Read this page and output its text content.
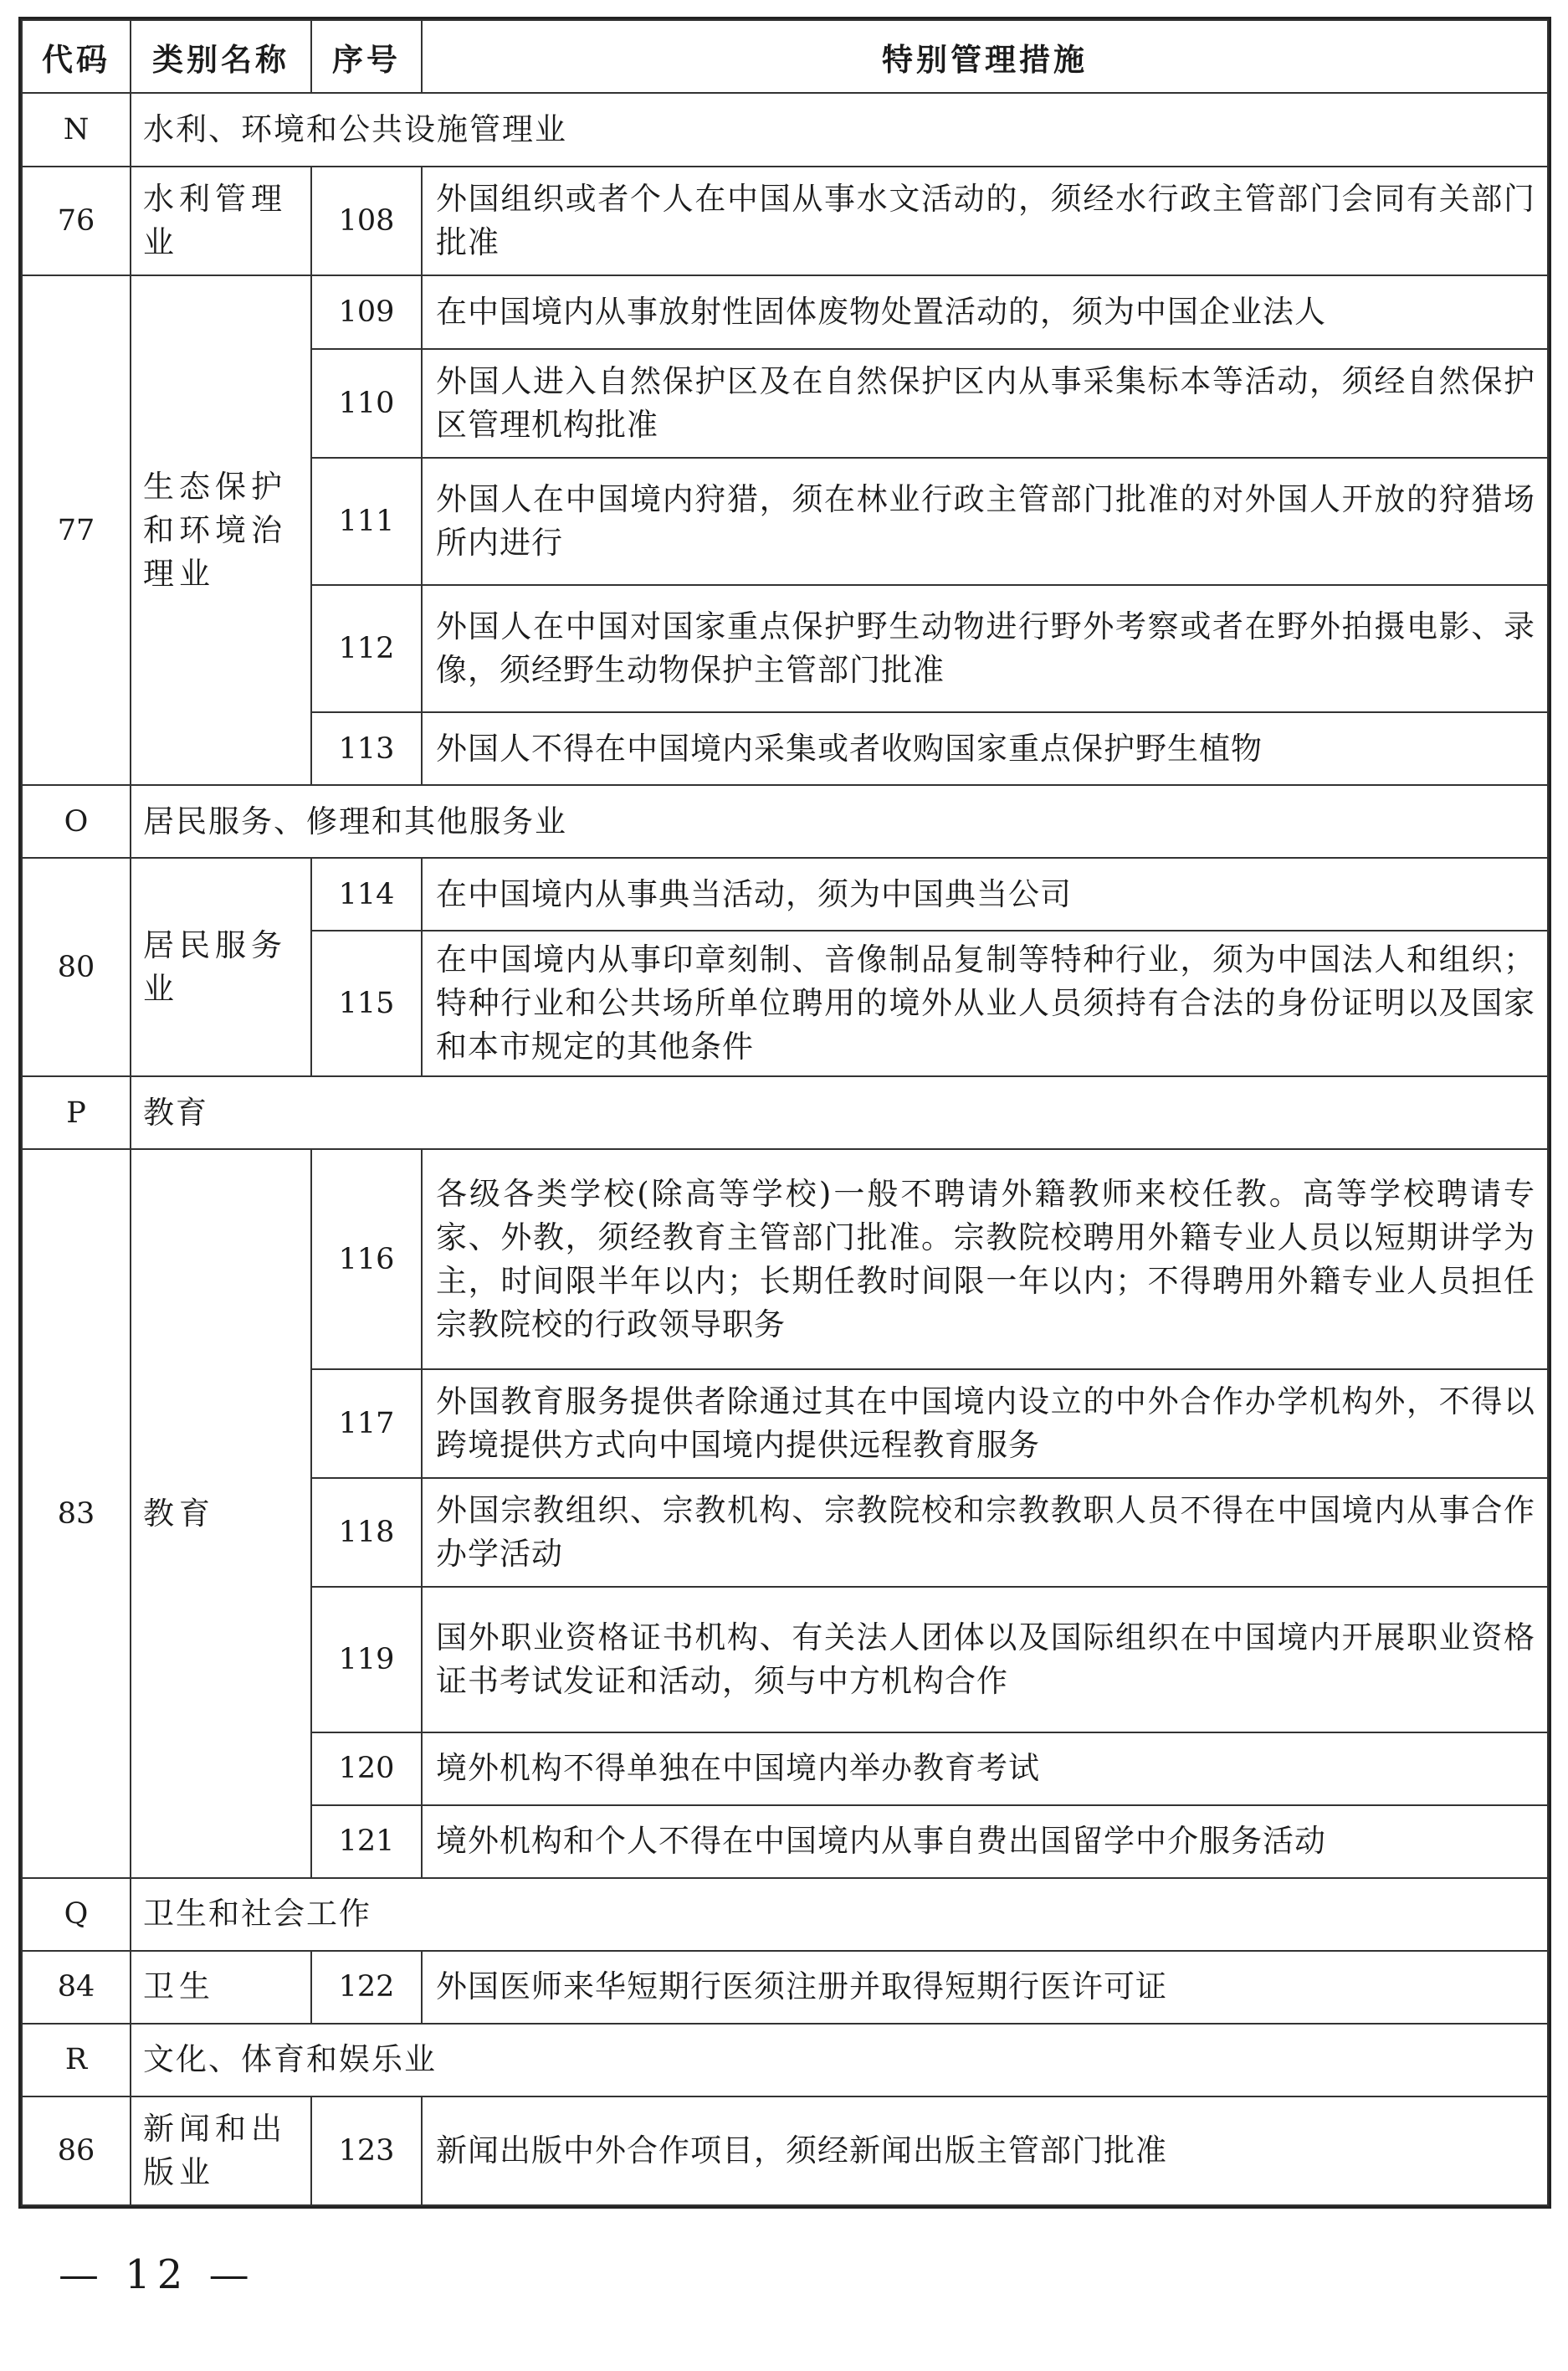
代码	类别名称	序号	特别管理措施
N	水利、环境和公共设施管理业		
76	水利管理业	108	外国组织或者个人在中国从事水文活动的，须经水行政主管部门会同有关部门批准
77	生态保护和环境治理业	109	在中国境内从事放射性固体废物处置活动的，须为中国企业法人
		110	外国人进入自然保护区及在自然保护区内从事采集标本等活动，须经自然保护区管理机构批准
		111	外国人在中国境内狩猎，须在林业行政主管部门批准的对外国人开放的狩猎场所内进行
		112	外国人在中国对国家重点保护野生动物进行野外考察或者在野外拍摄电影、录像，须经野生动物保护主管部门批准
		113	外国人不得在中国境内采集或者收购国家重点保护野生植物
O	居民服务、修理和其他服务业		
80	居民服务业	114	在中国境内从事典当活动，须为中国典当公司
		115	在中国境内从事印章刻制、音像制品复制等特种行业，须为中国法人和组织；特种行业和公共场所单位聘用的境外从业人员须持有合法的身份证明以及国家和本市规定的其他条件
P	教育		
83	教育	116	各级各类学校(除高等学校)一般不聘请外籍教师来校任教。高等学校聘请专家、外教，须经教育主管部门批准。宗教院校聘用外籍专业人员以短期讲学为主，时间限半年以内；长期任教时间限一年以内；不得聘用外籍专业人员担任宗教院校的行政领导职务
		117	外国教育服务提供者除通过其在中国境内设立的中外合作办学机构外，不得以跨境提供方式向中国境内提供远程教育服务
		118	外国宗教组织、宗教机构、宗教院校和宗教教职人员不得在中国境内从事合作办学活动
		119	国外职业资格证书机构、有关法人团体以及国际组织在中国境内开展职业资格证书考试发证和活动，须与中方机构合作
		120	境外机构不得单独在中国境内举办教育考试
		121	境外机构和个人不得在中国境内从事自费出国留学中介服务活动
Q	卫生和社会工作		
84	卫生	122	外国医师来华短期行医须注册并取得短期行医许可证
R	文化、体育和娱乐业		
86	新闻和出版业	123	新闻出版中外合作项目，须经新闻出版主管部门批准
— 12 —
